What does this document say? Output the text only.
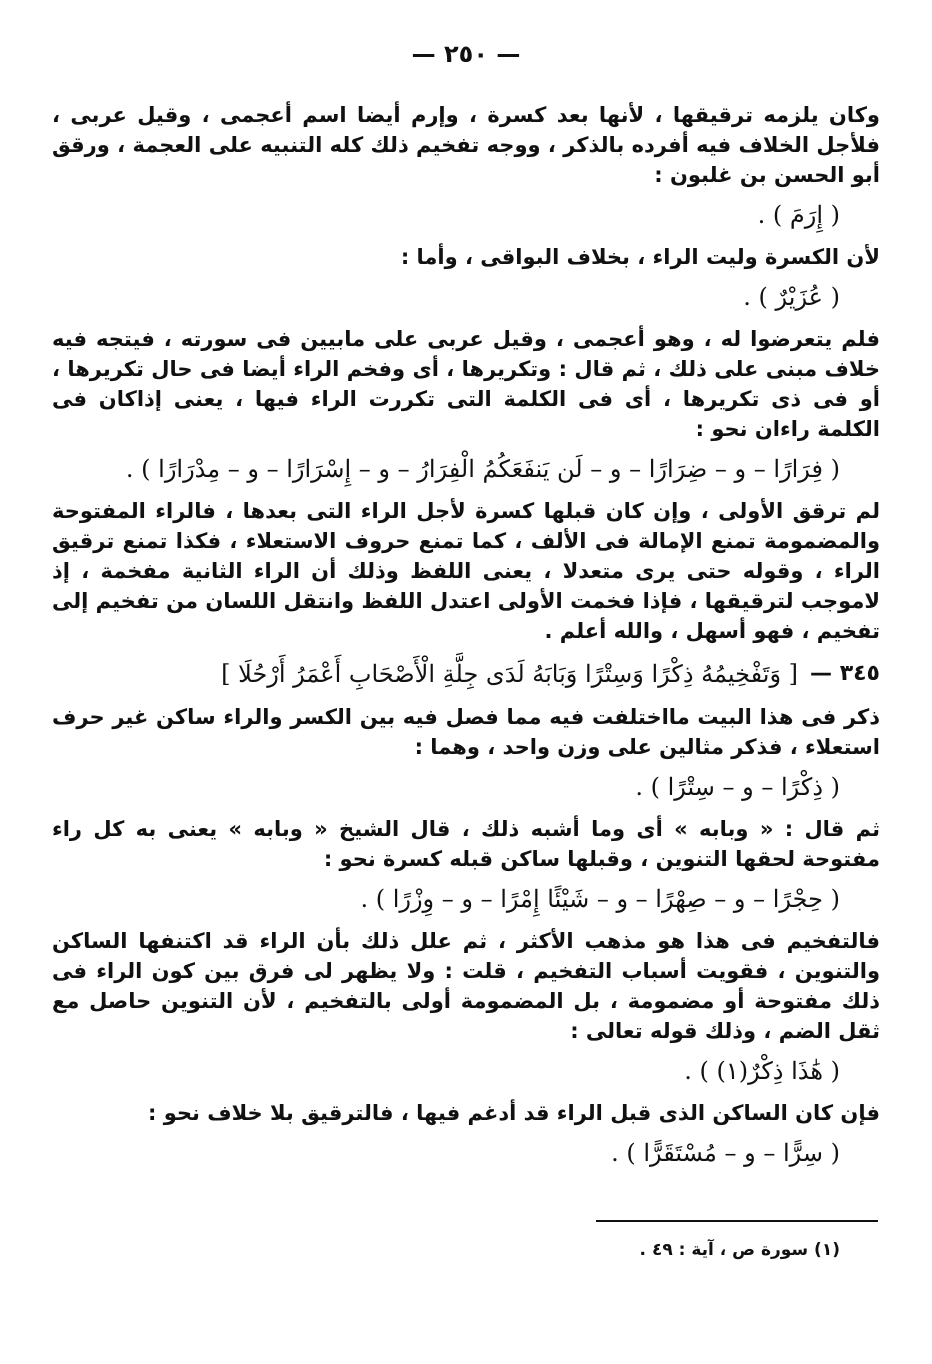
— ٢٥٠ —

وكان يلزمه ترقيقها ، لأنها بعد كسرة ، وإرم أيضا اسم أعجمى ، وقيل عربى ، فلأجل الخلاف فيه أفرده بالذكر ، ووجه تفخيم ذلك كله التنبيه على العجمة ، ورقق أبو الحسن بن غلبون :

( إِرَمَ ) .

لأن الكسرة وليت الراء ، بخلاف البواقى ، وأما :

( عُزَيْرٌ ) .

فلم يتعرضوا له ، وهو أعجمى ، وقيل عربى على مابيين فى سورته ، فيتجه فيه خلاف مبنى على ذلك ، ثم قال : وتكريرها ، أى وفخم الراء أيضا فى حال تكريرها ، أو فى ذى تكريرها ، أى فى الكلمة التى تكررت الراء فيها ، يعنى إذاكان فى الكلمة راءان نحو :

( فِرَارًا – و – ضِرَارًا – و – لَن يَنفَعَكُمُ الْفِرَارُ – و – إِسْرَارًا – و – مِدْرَارًا ) .

لم ترقق الأولى ، وإن كان قبلها كسرة لأجل الراء التى بعدها ، فالراء المفتوحة والمضمومة تمنع الإمالة فى الألف ، كما تمنع حروف الاستعلاء ، فكذا تمنع ترقيق الراء ، وقوله حتى يرى متعدلا ، يعنى اللفظ وذلك أن الراء الثانية مفخمة ، إذ لاموجب لترقيقها ، فإذا فخمت الأولى اعتدل اللفظ وانتقل اللسان من تفخيم إلى تفخيم ، فهو أسهل ، والله أعلم .

٣٤٥ —
[ وَتَفْخِيمُهُ ذِكْرًا وَسِتْرًا وَبَابَهُ لَدَى جِلَّةِ الْأَصْحَابِ أَعْمَرُ أَرْحُلَا ]

ذكر فى هذا البيت مااختلفت فيه مما فصل فيه بين الكسر والراء ساكن غير حرف استعلاء ، فذكر مثالين على وزن واحد ، وهما :

( ذِكْرًا – و – سِتْرًا ) .

ثم قال : « وبابه » أى وما أشبه ذلك ، قال الشيخ « وبابه » يعنى به كل راء مفتوحة لحقها التنوين ، وقبلها ساكن قبله كسرة نحو :

( حِجْرًا – و – صِهْرًا – و – شَيْئًا إِمْرًا – و – وِزْرًا ) .

فالتفخيم فى هذا هو مذهب الأكثر ، ثم علل ذلك بأن الراء قد اكتنفها الساكن والتنوين ، فقويت أسباب التفخيم ، قلت : ولا يظهر لى فرق بين كون الراء فى ذلك مفتوحة أو مضمومة ، بل المضمومة أولى بالتفخيم ، لأن التنوين حاصل مع ثقل الضم ، وذلك قوله تعالى :

( هَٰذَا ذِكْرٌ(١) ) .

فإن كان الساكن الذى قبل الراء قد أدغم فيها ، فالترقيق بلا خلاف نحو :

( سِرًّا – و – مُسْتَقَرًّا ) .

(١) سورة ص ، آية : ٤٩ .
